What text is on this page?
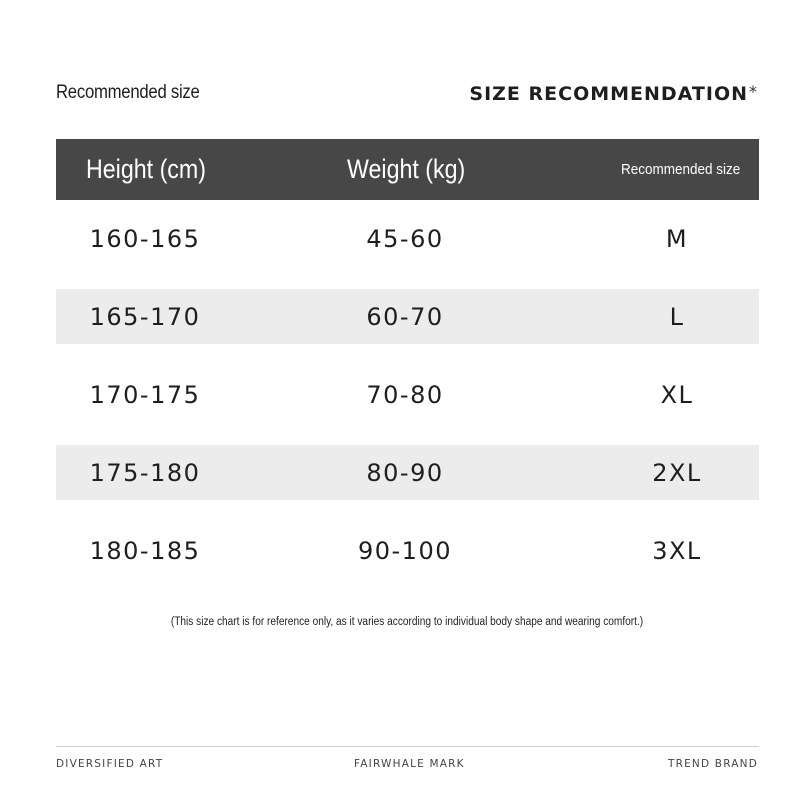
Recommended size	SIZE RECOMMENDATION*
Height (cm)	Weight (kg)	Recommended size
160-165	45-60	M
165-170	60-70	L
170-175	70-80	XL
175-180	80-90	2XL
180-185	90-100	3XL
(This size chart is for reference only, as it varies according to individual body shape and wearing comfort.)
DIVERSIFIED ART	FAIRWHALE MARK	TREND BRAND
